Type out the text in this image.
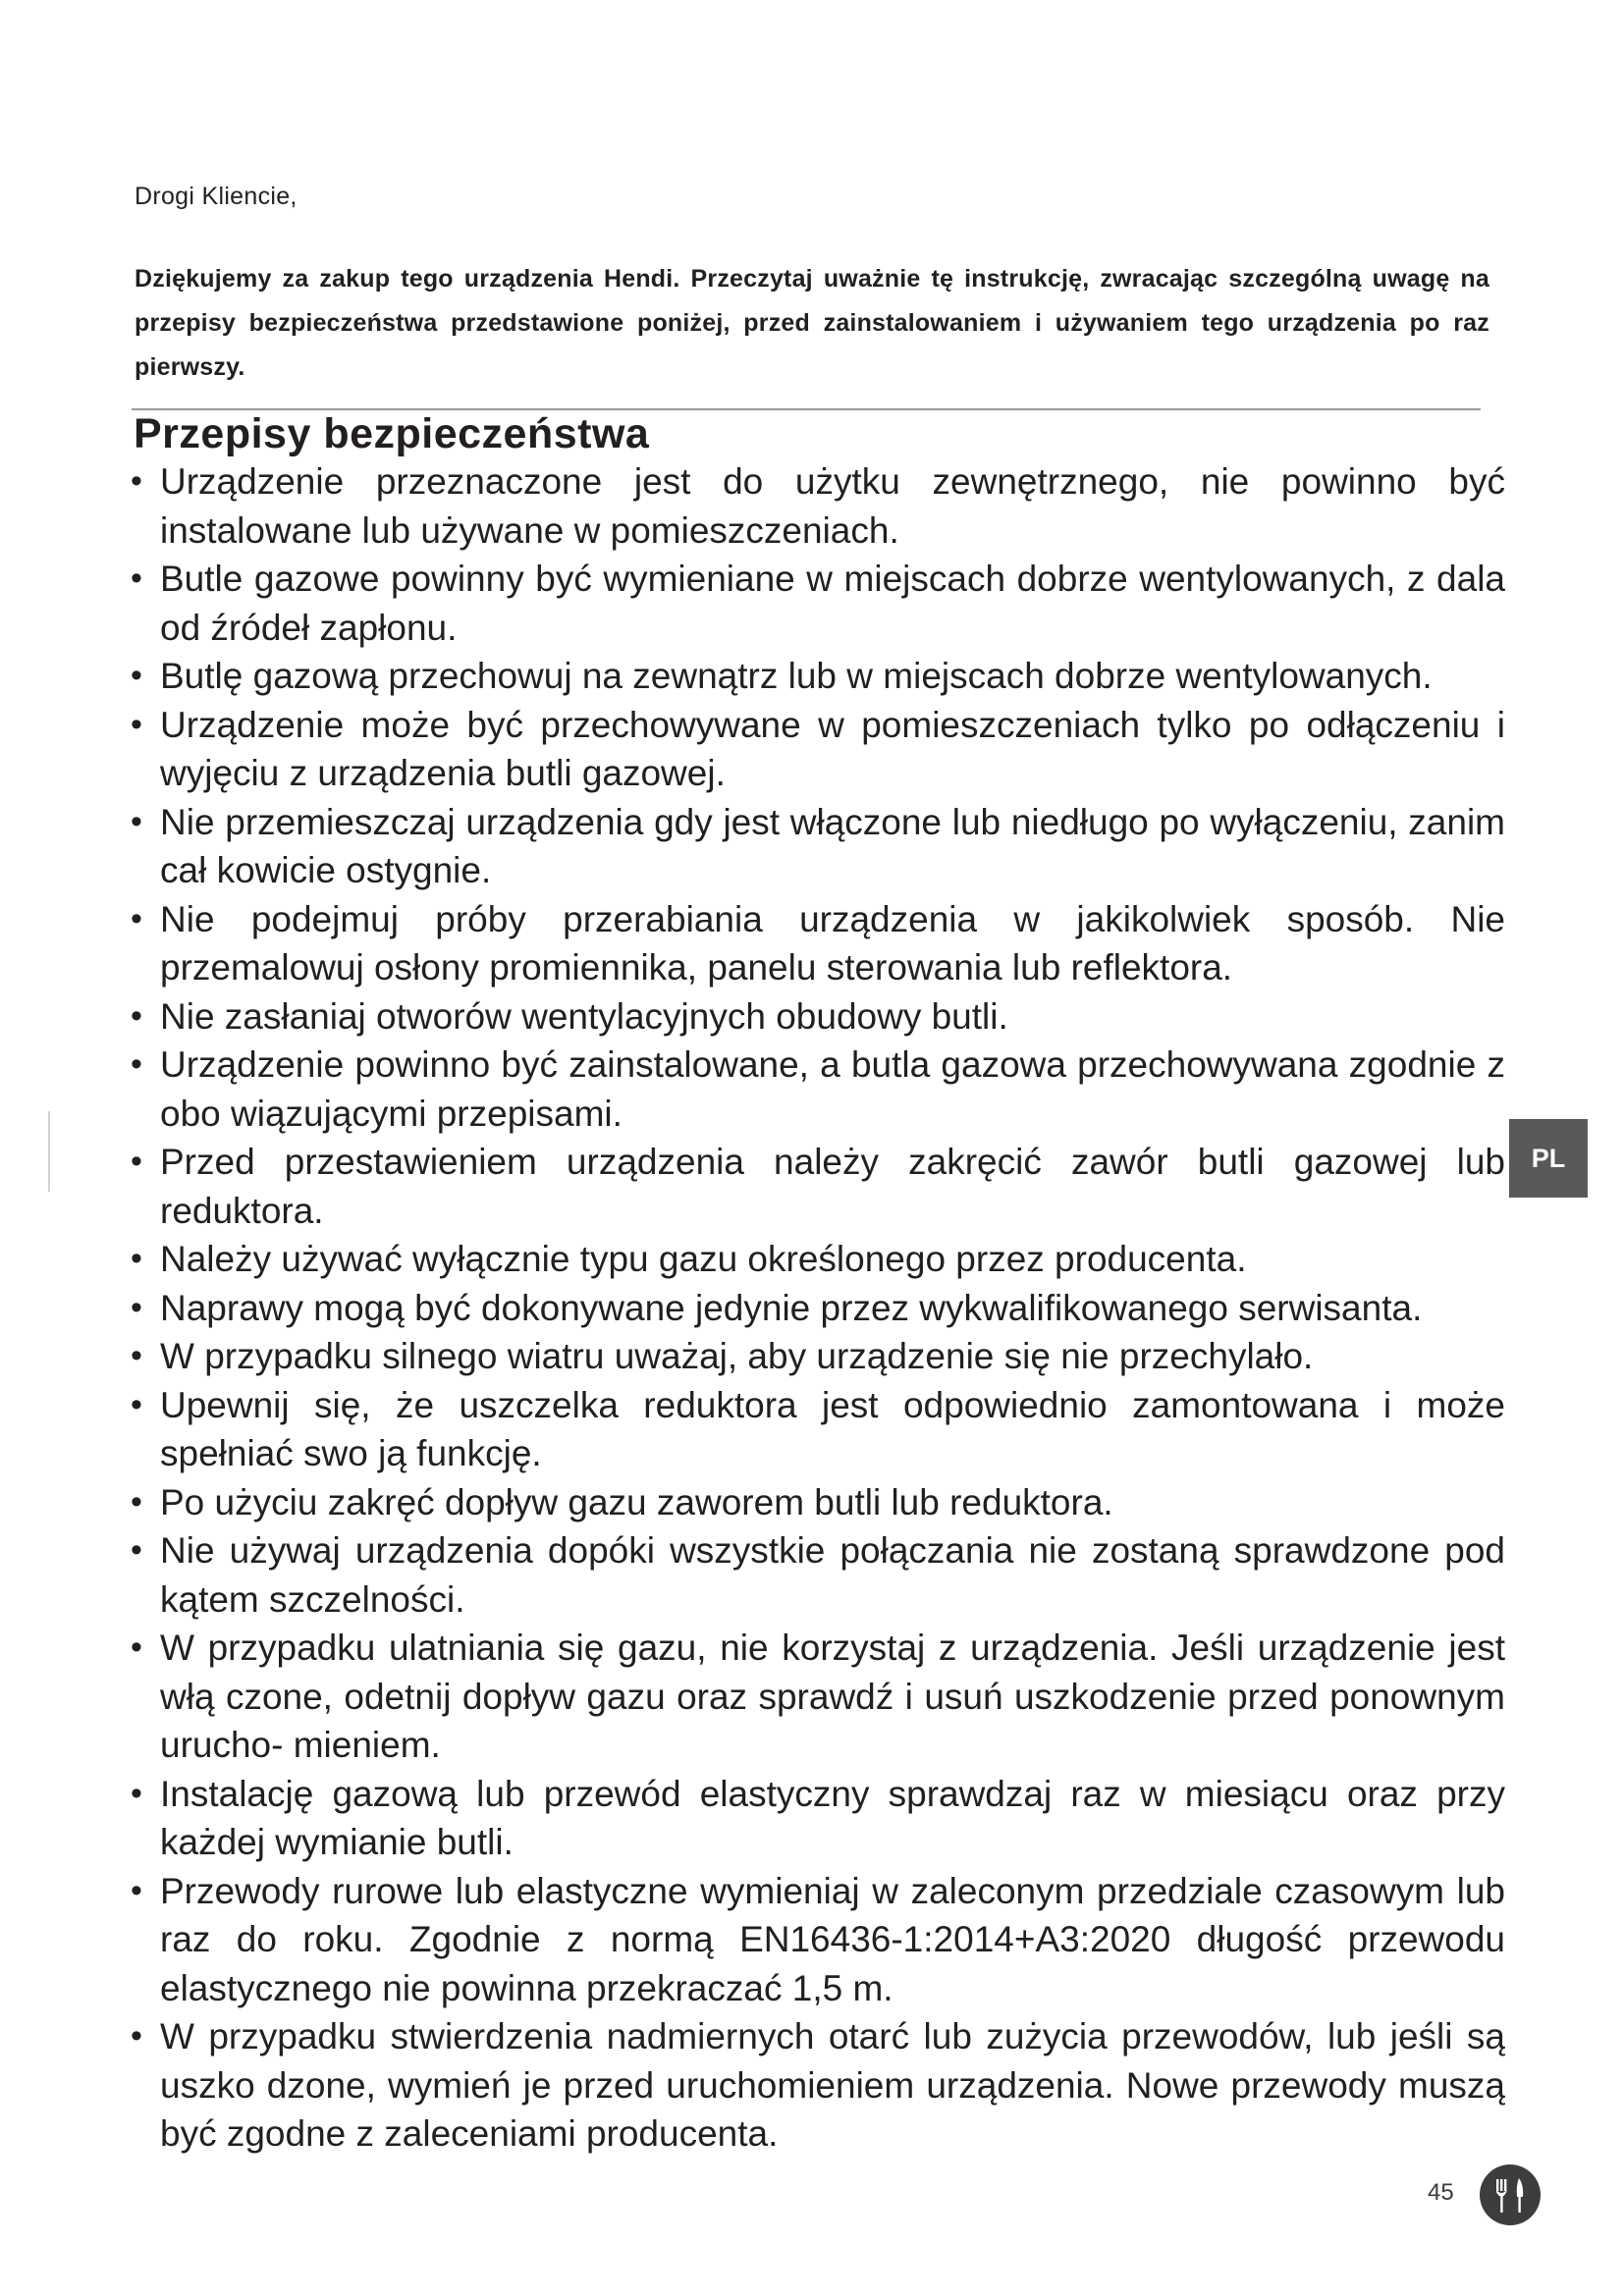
Drogi Kliencie,
Dziękujemy za zakup tego urządzenia Hendi. Przeczytaj uważnie tę instrukcję, zwracając szczególną uwagę na przepisy bezpieczeństwa przedstawione poniżej, przed zainstalowaniem i używaniem tego urządzenia po raz pierwszy.
Przepisy bezpieczeństwa
• Urządzenie przeznaczone jest do użytku zewnętrznego, nie powinno być instalowane lub używane w pomieszczeniach.
• Butle gazowe powinny być wymieniane w miejscach dobrze wentylowanych, z dala od źródeł zapłonu.
• Butlę gazową przechowuj na zewnątrz lub w miejscach dobrze wentylowanych.
• Urządzenie może być przechowywane w pomieszczeniach tylko po odłączeniu i wyjęciu z urządzenia butli gazowej.
• Nie przemieszczaj urządzenia gdy jest włączone lub niedługo po wyłączeniu, zanim cał kowicie ostygnie.
• Nie podejmuj próby przerabiania urządzenia w jakikolwiek sposób. Nie przemalowuj osłony promiennika, panelu sterowania lub reflektora.
• Nie zasłaniaj otworów wentylacyjnych obudowy butli.
• Urządzenie powinno być zainstalowane, a butla gazowa przechowywana zgodnie z obo wiązującymi przepisami.
• Przed przestawieniem urządzenia należy zakręcić zawór butli gazowej lub reduktora.
• Należy używać wyłącznie typu gazu określonego przez producenta.
• Naprawy mogą być dokonywane jedynie przez wykwalifikowanego serwisanta.
• W przypadku silnego wiatru uważaj, aby urządzenie się nie przechylało.
• Upewnij się, że uszczelka reduktora jest odpowiednio zamontowana i może spełniać swo ją funkcję.
• Po użyciu zakręć dopływ gazu zaworem butli lub reduktora.
• Nie używaj urządzenia dopóki wszystkie połączania nie zostaną sprawdzone pod kątem szczelności.
• W przypadku ulatniania się gazu, nie korzystaj z urządzenia. Jeśli urządzenie jest włą czone, odetnij dopływ gazu oraz sprawdź i usuń uszkodzenie przed ponownym urucho- mieniem.
• Instalację gazową lub przewód elastyczny sprawdzaj raz w miesiącu oraz przy każdej wymianie butli.
• Przewody rurowe lub elastyczne wymieniaj w zaleconym przedziale czasowym lub raz do roku. Zgodnie z normą EN16436-1:2014+A3:2020 długość przewodu elastycznego nie powinna przekraczać 1,5 m.
• W przypadku stwierdzenia nadmiernych otarć lub zużycia przewodów, lub jeśli są uszko dzone, wymień je przed uruchomieniem urządzenia. Nowe przewody muszą być zgodne z zaleceniami producenta.
PL
45
